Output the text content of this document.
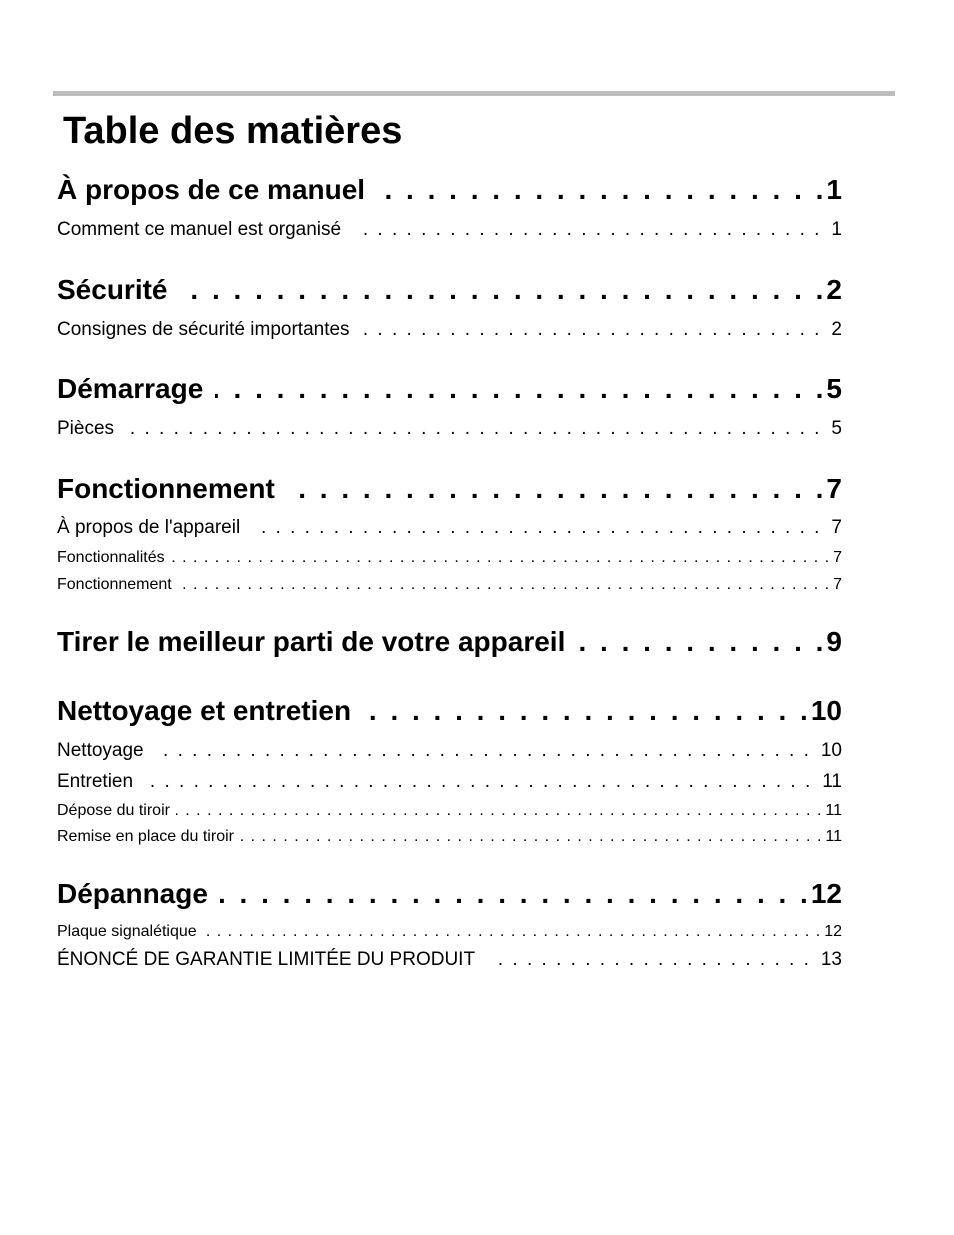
Table des matières
À propos de ce manuel . . .	1
Comment ce manuel est organisé . . .	1
Sécurité . . .	2
Consignes de sécurité importantes . . .	2
Démarrage . . .	5
Pièces . . .	5
Fonctionnement . . .	7
À propos de l'appareil . . .	7
Fonctionnalités . . .	7
Fonctionnement . . .	7
Tirer le meilleur parti de votre appareil . . .	9
Nettoyage et entretien . . .	10
Nettoyage . . .	10
Entretien . . .	11
Dépose du tiroir . . .	11
Remise en place du tiroir . . .	11
Dépannage . . .	12
Plaque signalétique . . .	12
ÉNONCÉ DE GARANTIE LIMITÉE DU PRODUIT . . .	13
